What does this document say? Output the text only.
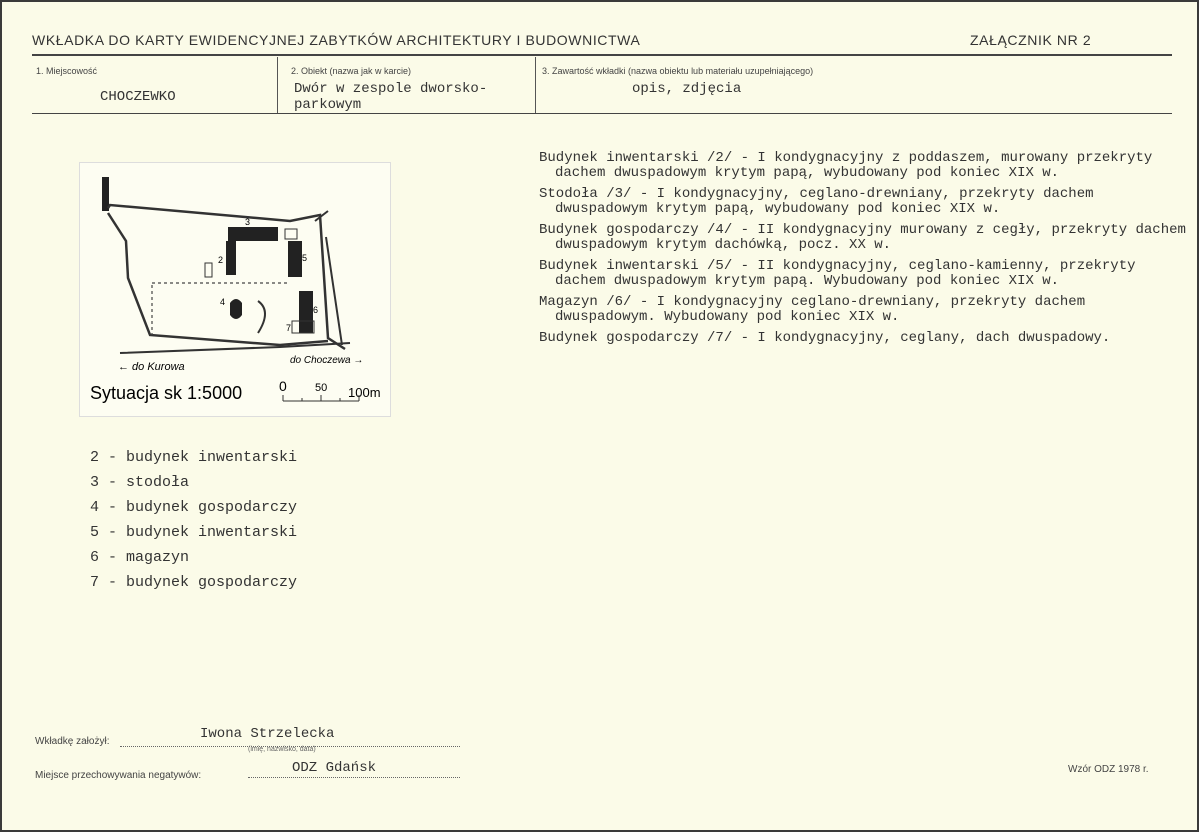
WKŁADKA DO KARTY EWIDENCYJNEJ ZABYTKÓW ARCHITEKTURY I BUDOWNICTWA	ZAŁĄCZNIK NR 2
1. Miejscowość
CHOCZEWKO
2. Obiekt (nazwa jak w karcie)
Dwór w zespole dworsko-
parkowym
3. Zawartość wkładki (nazwa obiektu lub materiału uzupełniającego)
opis, zdjęcia

Budynek inwentarski /2/ - I kondygnacyjny z poddaszem, murowany przekryty dachem dwuspadowym krytym papą, wybudowany pod koniec XIX w.

Stodoła /3/ - I kondygnacyjny, ceglano-drewniany, przekryty dachem dwuspadowym krytym papą, wybudowany pod koniec XIX w.

Budynek gospodarczy /4/ - II kondygnacyjny murowany z cegły, przekryty dachem dwuspadowym krytym dachówką, pocz. XX w.

Budynek inwentarski /5/ - II kondygnacyjny, ceglano-kamienny, przekryty dachem dwuspadowym krytym papą. Wybudowany pod koniec XIX w.

Magazyn /6/ - I kondygnacyjny ceglano-drewniany, przekryty dachem dwuspadowym. Wybudowany pod koniec XIX w.

Budynek gospodarczy /7/ - I kondygnacyjny, ceglany, dach dwuspadowy.

3
2
4
5
6
7
← do Kurowa
do Choczewa →
Sytuacja sk 1:5000	0	50 100m
2 - budynek inwentarski
3 - stodoła
4 - budynek gospodarczy
5 - budynek inwentarski
6 - magazyn
7 - budynek gospodarczy
Wkładkę założył:	Iwona Strzelecka
(imię, nazwisko, data)
Miejsce przechowywania negatywów:	ODZ Gdańsk	Wzór ODZ 1978 r.
